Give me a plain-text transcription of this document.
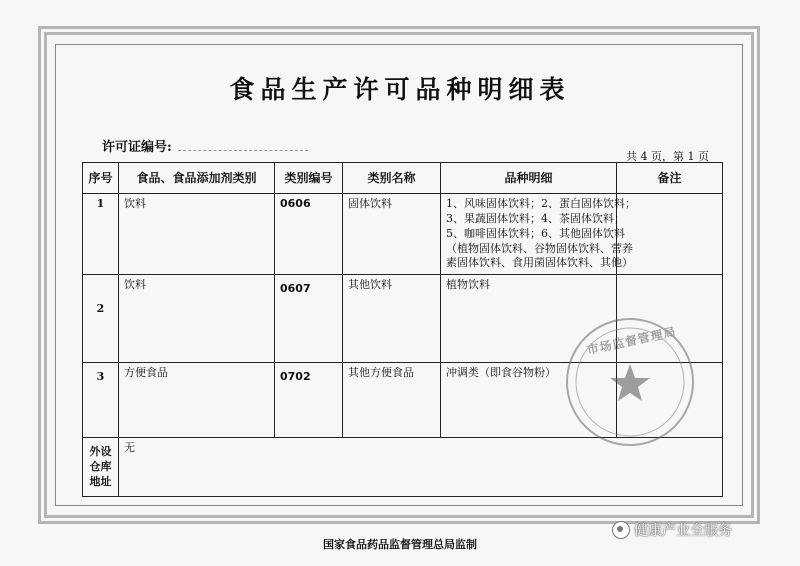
食品生产许可品种明细表
许可证编号:
共 4 页，第 1 页
序号	食品、食品添加剂类别	类别编号	类别名称	品种明细	备注
1	饮料	0606	固体饮料	1、风味固体饮料；2、蛋白固体饮料；
3、果蔬固体饮料；4、茶固体饮料；
5、咖啡固体饮料；6、其他固体饮料
（植物固体饮料、谷物固体饮料、营养
素固体饮料、食用菌固体饮料、其他）	

2	饮料	0607	其他饮料	植物饮料	
3	方便食品	0702	其他方便食品	冲调类（即食谷物粉）	
外设仓库地址	无				
市场监督管理局
国家食品药品监督管理总局监制
健康产业全服务
